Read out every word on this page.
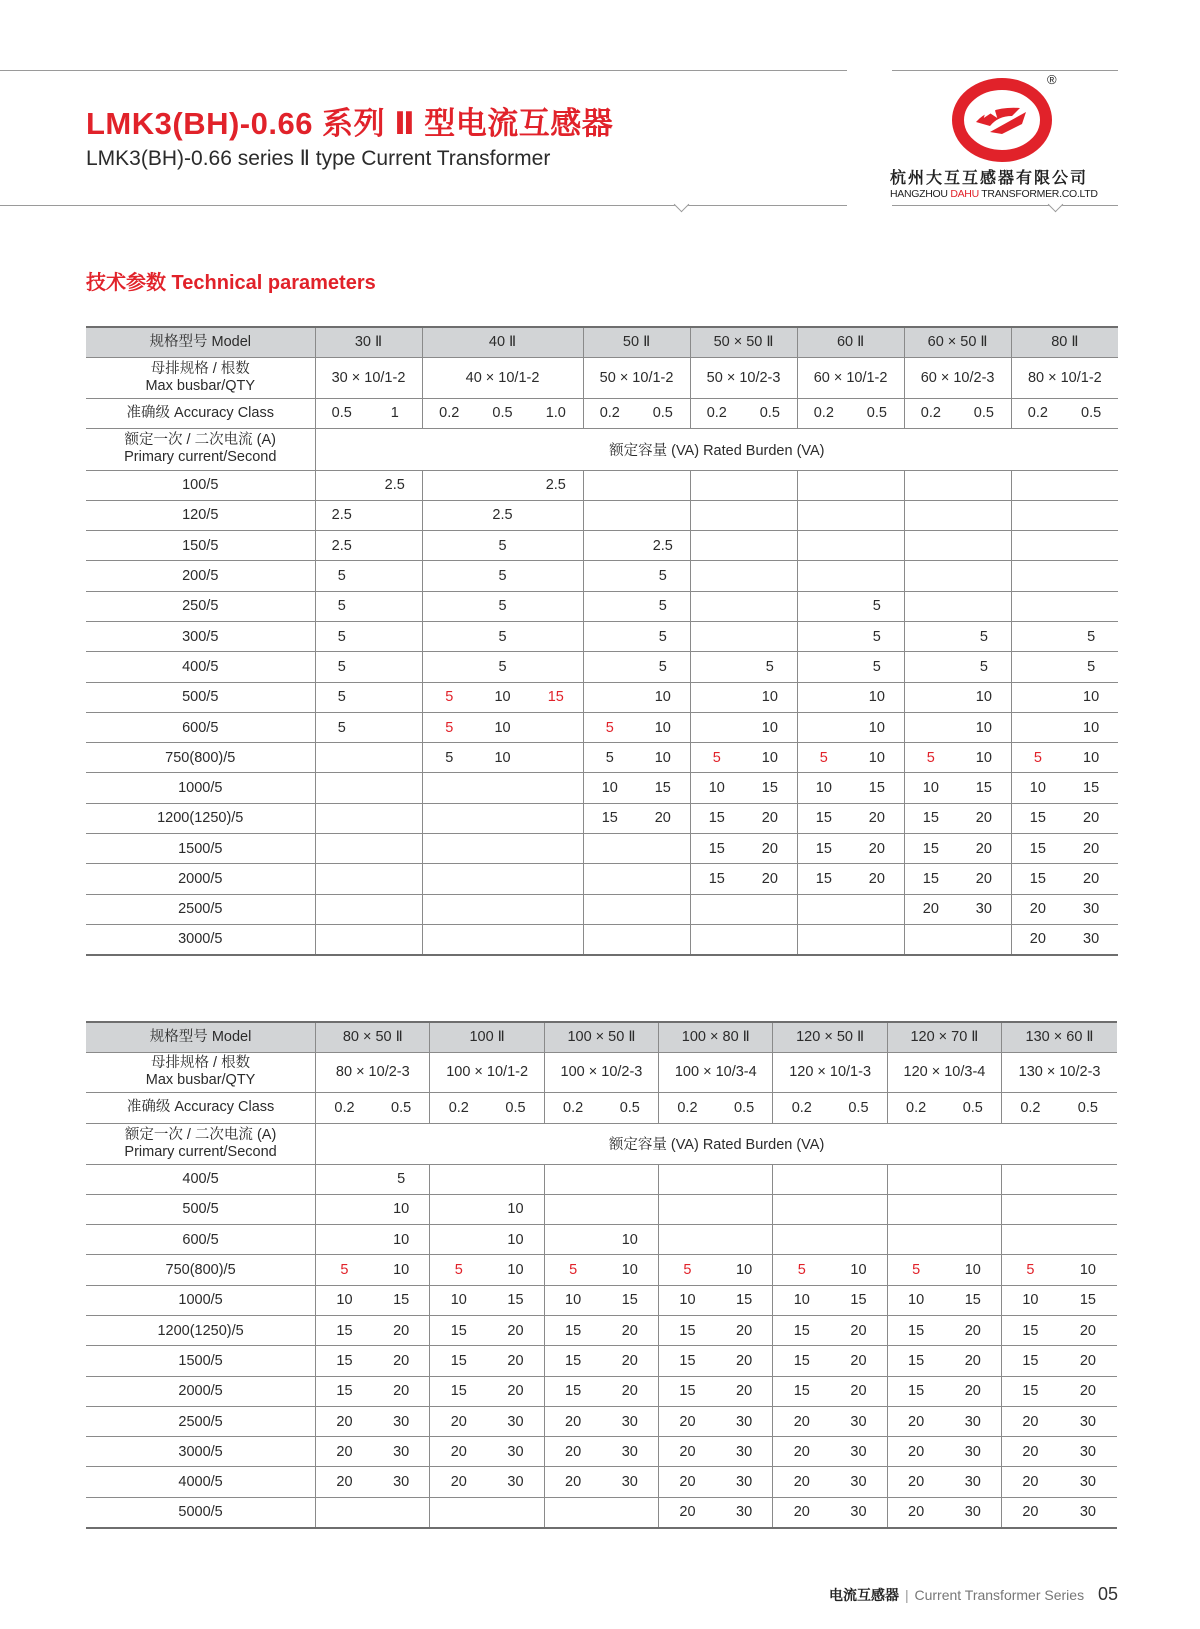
LMK3(BH)-0.66 系列 Ⅱ 型电流互感器
LMK3(BH)-0.66 series Ⅱ type Current Transformer
®
杭州大互互感器有限公司
HANGZHOU DAHU TRANSFORMER.CO.LTD
技术参数 Technical parameters
规格型号 Model	30 Ⅱ		40 Ⅱ			50 Ⅱ		50 × 50 Ⅱ		60 Ⅱ		60 × 50 Ⅱ		80 Ⅱ	

母排规格 / 根数
Max busbar/QTY	30 × 10/1-2		40 × 10/1-2			50 × 10/1-2		50 × 10/2-3		60 × 10/1-2		60 × 10/2-3		80 × 10/1-2	
准确级 Accuracy Class	0.5	1	0.2	0.5	1.0	0.2	0.5	0.2	0.5	0.2	0.5	0.2	0.5	0.2	0.5

额定一次 / 二次电流 (A)
Primary current/Second	额定容量 (VA) Rated Burden (VA)														
100/5		2.5			2.5										
120/5	2.5			2.5											
150/5	2.5			5			2.5								
200/5	5			5			5								
250/5	5			5			5				5				
300/5	5			5			5				5		5		5
400/5	5			5			5		5		5		5		5
500/5	5		5	10	15		10		10		10		10		10
600/5	5		5	10		5	10		10		10		10		10
750(800)/5			5	10		5	10	5	10	5	10	5	10	5	10
1000/5						10	15	10	15	10	15	10	15	10	15
1200(1250)/5						15	20	15	20	15	20	15	20	15	20
1500/5								15	20	15	20	15	20	15	20
2000/5								15	20	15	20	15	20	15	20
2500/5												20	30	20	30
3000/5														20	30
规格型号 Model	80 × 50 Ⅱ		100 Ⅱ		100 × 50 Ⅱ		100 × 80 Ⅱ		120 × 50 Ⅱ		120 × 70 Ⅱ		130 × 60 Ⅱ	

母排规格 / 根数
Max busbar/QTY	80 × 10/2-3		100 × 10/1-2		100 × 10/2-3		100 × 10/3-4		120 × 10/1-3		120 × 10/3-4		130 × 10/2-3	
准确级 Accuracy Class	0.2	0.5	0.2	0.5	0.2	0.5	0.2	0.5	0.2	0.5	0.2	0.5	0.2	0.5

额定一次 / 二次电流 (A)
Primary current/Second	额定容量 (VA) Rated Burden (VA)													
400/5		5												
500/5		10		10										
600/5		10		10		10								
750(800)/5	5	10	5	10	5	10	5	10	5	10	5	10	5	10
1000/5	10	15	10	15	10	15	10	15	10	15	10	15	10	15
1200(1250)/5	15	20	15	20	15	20	15	20	15	20	15	20	15	20
1500/5	15	20	15	20	15	20	15	20	15	20	15	20	15	20
2000/5	15	20	15	20	15	20	15	20	15	20	15	20	15	20
2500/5	20	30	20	30	20	30	20	30	20	30	20	30	20	30
3000/5	20	30	20	30	20	30	20	30	20	30	20	30	20	30
4000/5	20	30	20	30	20	30	20	30	20	30	20	30	20	30
5000/5							20	30	20	30	20	30	20	30
电流互感器 | Current Transformer Series 05
